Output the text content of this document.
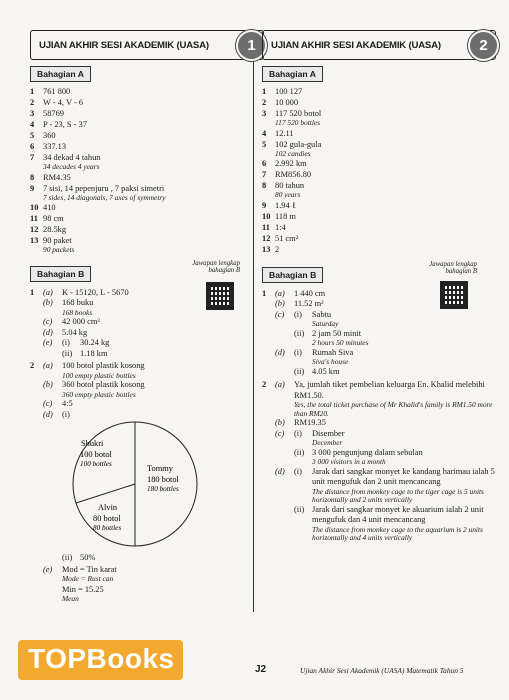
UJIAN AKHIR SESI AKADEMIK (UASA)	1
Bahagian A
1	761 800
2	W - 4, V - 6
3	58769
4	P - 23, S - 37
5	360
6	337.13
7	34 dekad 4 tahun
34 decades 4 years
8	RM4.35
9	7 sisi, 14 pepenjuru , 7 paksi simetri
7 sides, 14 diagonals, 7 axes of symmetry
10 410
11 98 cm
12 28.5kg
13 90 paket
90 packets
Bahagian B
Jawapan lengkap bahagian B
1	(a)	K - 15120, L - 5670
(b)	168 buku
168 books
(c)	42 000 cm³
(d)	5.04 kg
(e)	(i)	30.24 kg
(ii) 1.18 km
2	(a)	100 botol plastik kosong
100 empty plastic bottles
(b)	360 botol plastik kosong
360 empty plastic bottles
(c)	4:5
(d)	(i)
Shukri
100 botol
100 bottles	Tommy
180 botol
180 bottles
Alvin
80 botol
80 bottles
(ii) 50%
(e)	Mod = Tin karat
Mode = Rust can
Min = 15.25
Mean
UJIAN AKHIR SESI AKADEMIK (UASA)	2
Bahagian A
1	100 127
2	10 000
3	117 520 botol
117 520 bottles
4	12.11
5	102 gula-gula
102 candies
6	2.992 km
7	RM856.80
8	80 tahun
80 years
9	1.94 ℓ
10 118 m
11 1:4
12 51 cm²
13 2
Bahagian B
Jawapan lengkap bahagian B
1	(a)	1 440 cm
(b)	11.52 m²
(c)	(i)	Sabtu
Saturday
(ii) 2 jam 50 minit
2 hours 50 minutes
(d)	(i)	Rumah Siva
Siva's house
(ii) 4.05 km
2	(a)	Ya, jumlah tiket pembelian keluarga En. Khalid melebihi RM1.50.
Yes, the total ticket purchase of Mr Khalid's family is RM1.50 more than RM20.
(b)	RM19.35
(c)	(i)	Disember
December
(ii) 3 000 pengunjung dalam sebulan
3 000 visitors in a month
(d)	(i)	Jarak dari sangkar monyet ke kandang harimau ialah 5 unit mengufuk dan 2 unit mencancang
The distance from monkey cage to the tiger cage is 5 units horizontally and 2 units vertically
(ii) Jarak dari sangkar monyet ke akuarium ialah 2 unit mengufuk dan 4 unit mencancang
The distance from monkey cage to the aquarium is 2 units horizontally and 4 units vertically
TOPBooks	J2	Ujian Akhir Sesi Akademik (UASA) Matematik Tahun 5
